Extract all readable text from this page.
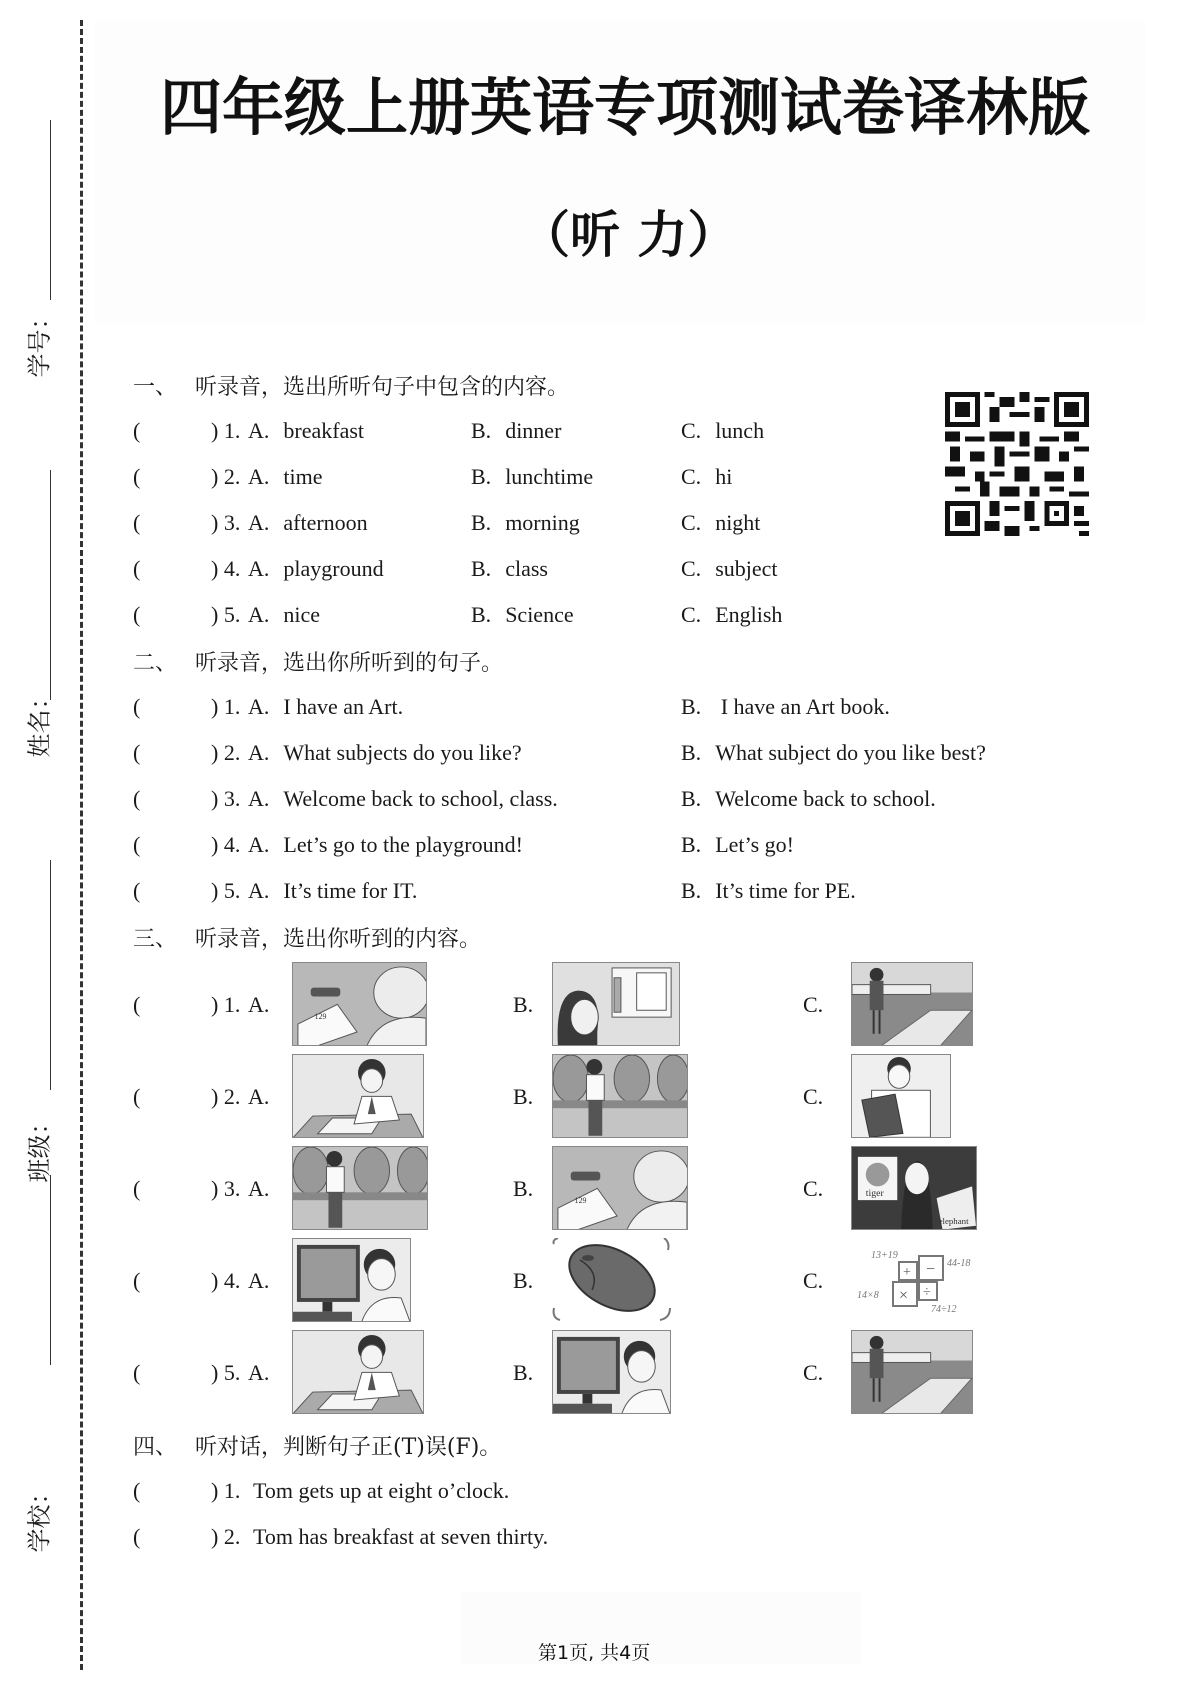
学号：
姓名：
班级：
学校：
四年级上册英语专项测试卷译林版
（听 力）
一、 听录音，选出所听句子中包含的内容。
(	) 1. A. breakfast	B. dinner	C. lunch
(	) 2. A. time	B. lunchtime	C. hi
(	) 3. A. afternoon	B. morning	C. night
(	) 4. A. playground	B. class	C. subject
(	) 5. A. nice	B. Science	C. English
二、 听录音，选出你所听到的句子。
(	) 1. A. I have an Art.	B. I have an Art book.
(	) 2. A. What subjects do you like?	B. What subject do you like best?
(	) 3. A. Welcome back to school, class.	B. Welcome back to school.
(	) 4. A. Let’s go to the playground!	B. Let’s go!
(	) 5. A. It’s time for IT.	B. It’s time for PE.
三、 听录音，选出你听到的内容。
(	) 1. A.	B.	C.
129
(	) 2. A.	B.	C.
(	) 3. A.	B.	C.
129
tiger
elephant
(	) 4. A.	B.	C.
13+19
44-18
14×8
74÷12
+ −
× ÷
(	) 5. A.	B.	C.
四、 听对话，判断句子正(T)误(F)。
(	) 1. Tom gets up at eight o’clock.
(	) 2. Tom has breakfast at seven thirty.
第1页, 共4页
